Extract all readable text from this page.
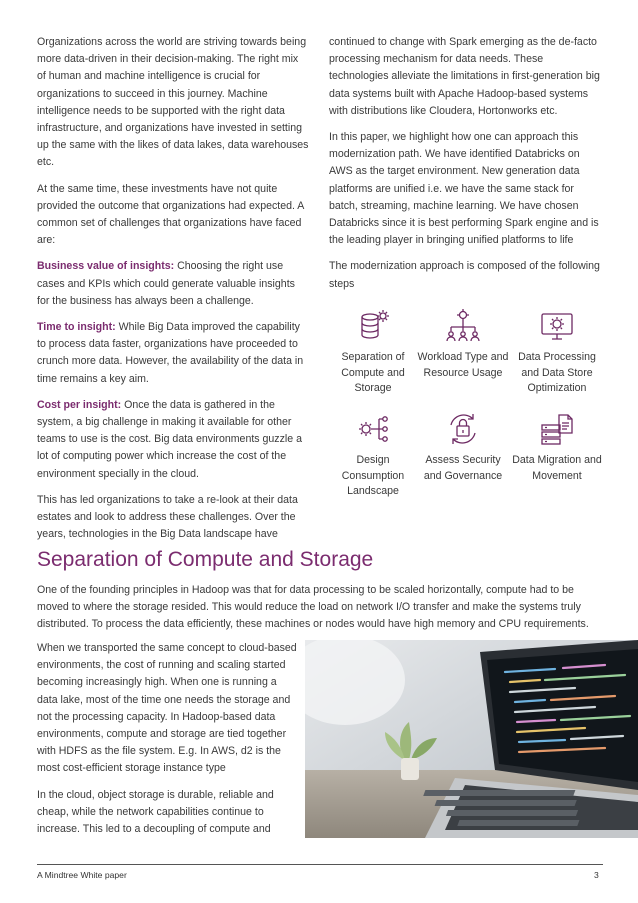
Organizations across the world are striving towards being more data-driven in their decision-making. The right mix of human and machine intelligence is crucial for organizations to succeed in this journey. Machine intelligence needs to be supported with the right data infrastructure, and organizations have invested in setting up the same with the likes of data lakes, data warehouses etc.

At the same time, these investments have not quite provided the outcome that organizations had expected. A common set of challenges that organizations have faced are:

Business value of insights: Choosing the right use cases and KPIs which could generate valuable insights for the business has always been a challenge.

Time to insight: While Big Data improved the capability to process data faster, organizations have proceeded to crunch more data. However, the availability of the data in time remains a key aim.

Cost per insight: Once the data is gathered in the system, a big challenge in making it available for other teams to use is the cost. Big data environments guzzle a lot of computing power which increase the cost of the environment specially in the cloud.

This has led organizations to take a re-look at their data estates and look to address these challenges. Over the years, technologies in the Big Data landscape have

continued to change with Spark emerging as the de-facto processing mechanism for data needs. These technologies alleviate the limitations in first-generation big data systems built with Apache Hadoop-based systems with distributions like Cloudera, Hortonworks etc.

In this paper, we highlight how one can approach this modernization path. We have identified Databricks on AWS as the target environment. New generation data platforms are unified i.e. we have the same stack for batch, streaming, machine learning. We have chosen Databricks since it is best performing Spark engine and is the leading player in bringing unified platforms to life

The modernization approach is composed of the following steps

Separation of Compute and Storage
Workload Type and Resource Usage
Data Processing and Data Store Optimization
Design Consumption Landscape
Assess Security and Governance
Data Migration and Movement
Separation of Compute and Storage

One of the founding principles in Hadoop was that for data processing to be scaled horizontally, compute had to be moved to where the storage resided. This would reduce the load on network I/O transfer and make the systems truly distributed. To process the data efficiently, these machines or nodes would have high memory and CPU requirements.

When we transported the same concept to cloud-based environments, the cost of running and scaling started becoming increasingly high. When one is running a data lake, most of the time one needs the storage and not the processing capacity. In Hadoop-based data environments, compute and storage are tied together with HDFS as the file system. E.g. In AWS, d2 is the most cost-efficient storage instance type

In the cloud, object storage is durable, reliable and cheap, while the network capabilities continue to increase. This led to a decoupling of compute and

A Mindtree White paper	3
